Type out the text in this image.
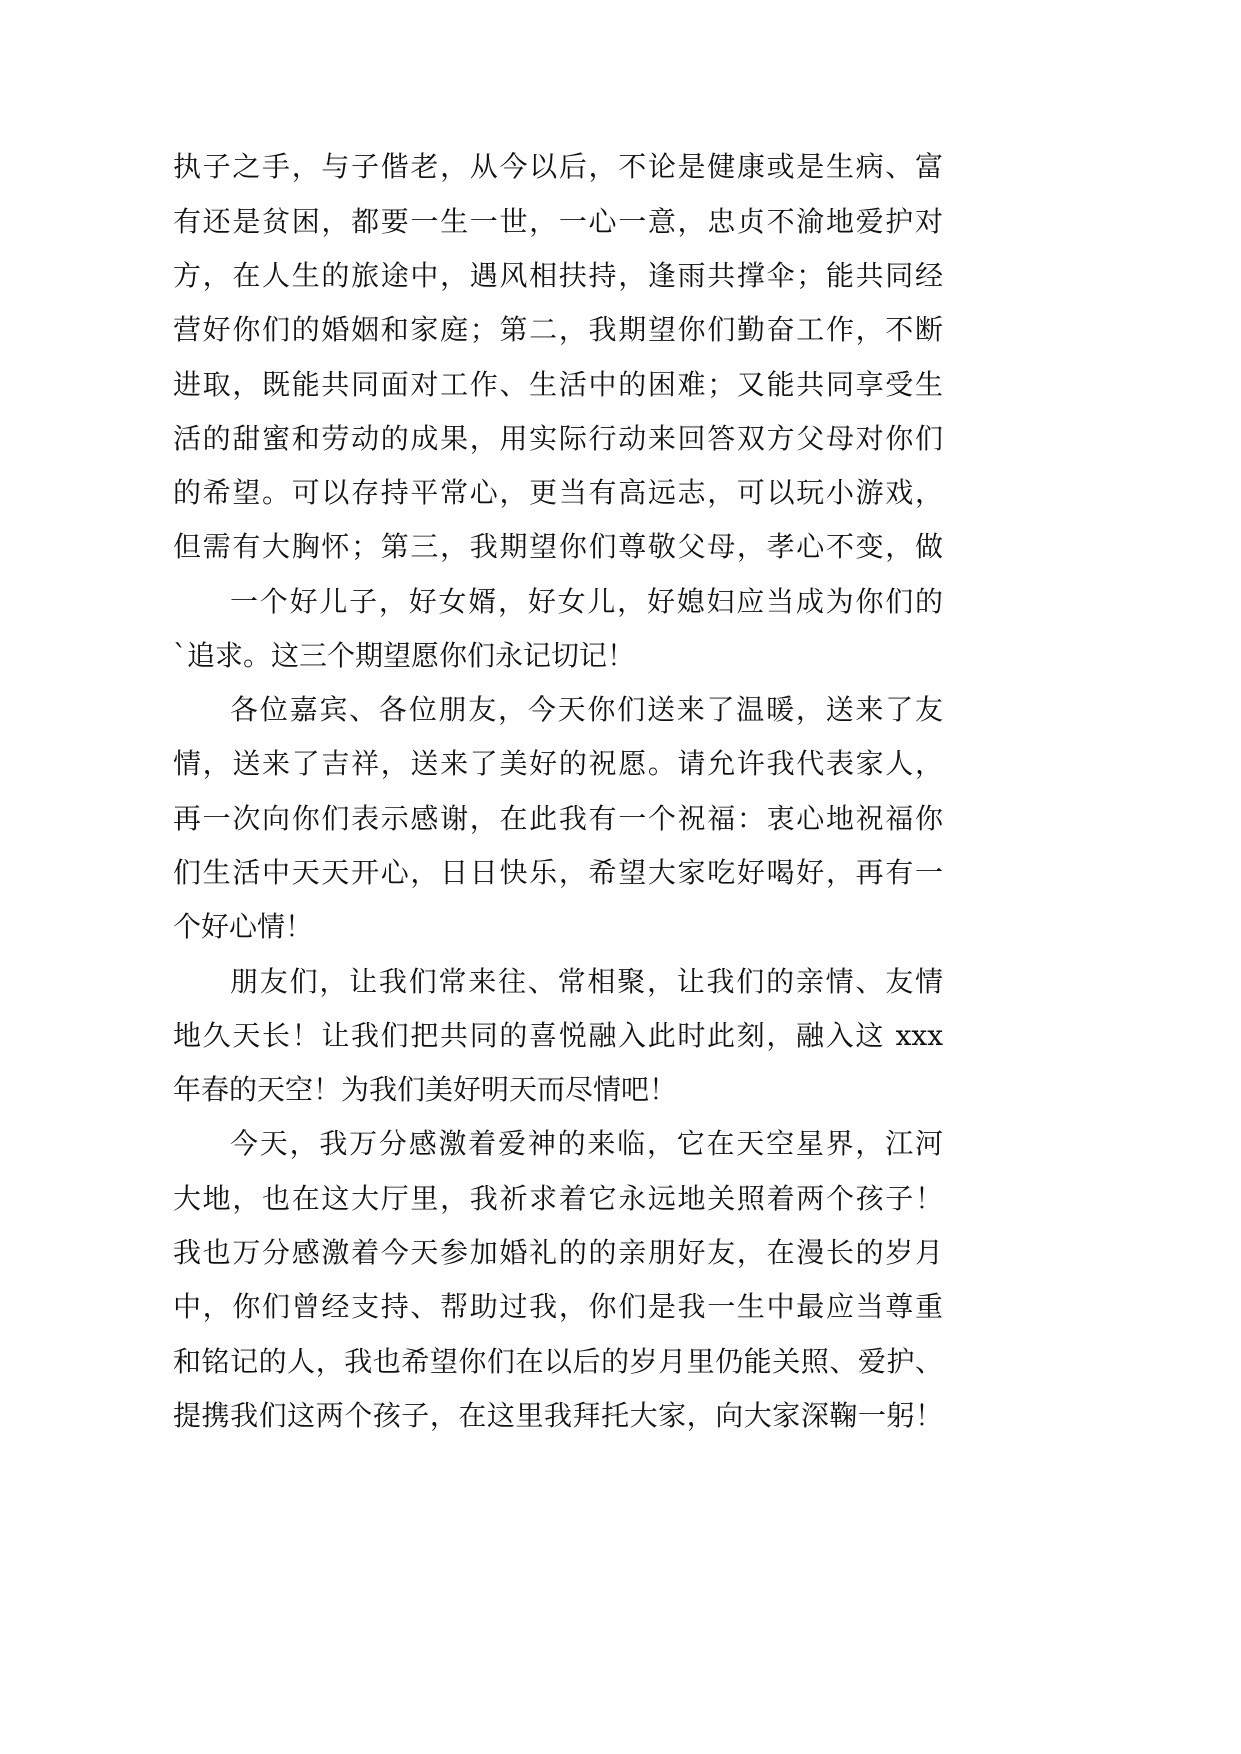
执子之手，与子偕老，从今以后，不论是健康或是生病、富
有还是贫困，都要一生一世，一心一意，忠贞不渝地爱护对
方，在人生的旅途中，遇风相扶持，逢雨共撑伞；能共同经
营好你们的婚姻和家庭；第二，我期望你们勤奋工作，不断
进取，既能共同面对工作、生活中的困难；又能共同享受生
活的甜蜜和劳动的成果，用实际行动来回答双方父母对你们
的希望。可以存持平常心，更当有高远志，可以玩小游戏，
但需有大胸怀；第三，我期望你们尊敬父母，孝心不变，做
一个好儿子，好女婿，好女儿，好媳妇应当成为你们的
`追求。这三个期望愿你们永记切记！
各位嘉宾、各位朋友，今天你们送来了温暖，送来了友
情，送来了吉祥，送来了美好的祝愿。请允许我代表家人，
再一次向你们表示感谢，在此我有一个祝福：衷心地祝福你
们生活中天天开心，日日快乐，希望大家吃好喝好，再有一
个好心情！
朋友们，让我们常来往、常相聚，让我们的亲情、友情
地久天长！让我们把共同的喜悦融入此时此刻，融入这 xxx
年春的天空！为我们美好明天而尽情吧！
今天，我万分感激着爱神的来临，它在天空星界，江河
大地，也在这大厅里，我祈求着它永远地关照着两个孩子！
我也万分感激着今天参加婚礼的的亲朋好友，在漫长的岁月
中，你们曾经支持、帮助过我，你们是我一生中最应当尊重
和铭记的人，我也希望你们在以后的岁月里仍能关照、爱护、
提携我们这两个孩子，在这里我拜托大家，向大家深鞠一躬！
